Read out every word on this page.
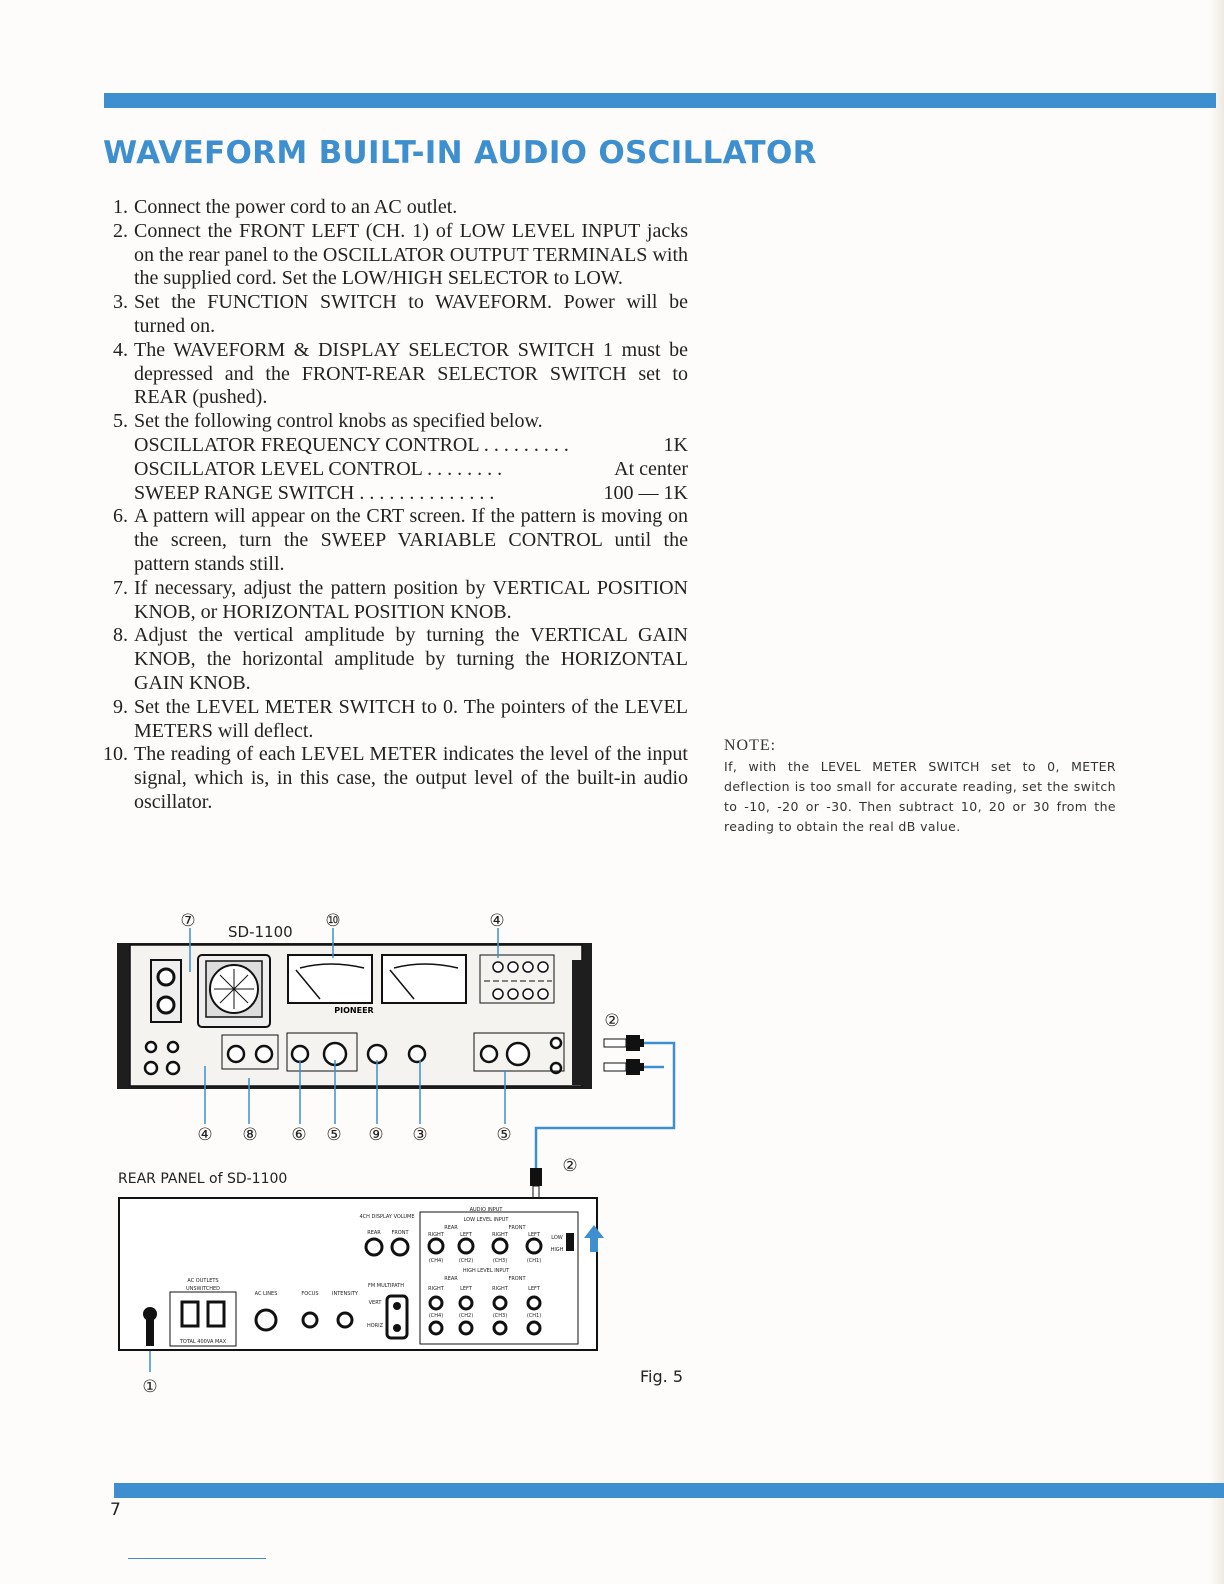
WAVEFORM BUILT-IN AUDIO OSCILLATOR
1. Connect the power cord to an AC outlet.
2. Connect the FRONT LEFT (CH. 1) of LOW LEVEL INPUT jacks on the rear panel to the OSCILLATOR OUTPUT TERMINALS with the supplied cord. Set the LOW/HIGH SELECTOR to LOW.
3. Set the FUNCTION SWITCH to WAVEFORM. Power will be turned on.
4. The WAVEFORM & DISPLAY SELECTOR SWITCH 1 must be depressed and the FRONT-REAR SELECTOR SWITCH set to REAR (pushed).
5. Set the following control knobs as specified below.
OSCILLATOR FREQUENCY CONTROL . . . . . . . . .	1K
OSCILLATOR LEVEL CONTROL . . . . . . . .	At center
SWEEP RANGE SWITCH . . . . . . . . . . . . . .	100 — 1K
6. A pattern will appear on the CRT screen. If the pattern is moving on the screen, turn the SWEEP VARIABLE CONTROL until the pattern stands still.
7. If necessary, adjust the pattern position by VERTICAL POSITION KNOB, or HORIZONTAL POSITION KNOB.
8. Adjust the vertical amplitude by turning the VERTICAL GAIN KNOB, the horizontal amplitude by turning the HORIZONTAL GAIN KNOB.
9. Set the LEVEL METER SWITCH to 0. The pointers of the LEVEL METERS will deflect.
10. The reading of each LEVEL METER indicates the level of the input signal, which is, in this case, the output level of the built-in audio oscillator.
NOTE:
If, with the LEVEL METER SWITCH set to 0, METER deflection is too small for accurate reading, set the switch to -10, -20 or -30. Then subtract 10, 20 or 30 from the reading to obtain the real dB value.
PIONEER
⑦	⑩	④
②
④ ⑧ ⑥ ⑤ ⑨ ③	⑤
②
①
SD-1100
REAR PANEL of SD-1100
AC OUTLETS
UNSWITCHED
TOTAL 400VA MAX
AC LINES	FOCUS	INTENSITY
FM MULTIPATH
VERT
HORIZ
4CH DISPLAY VOLUME
REAR FRONT
AUDIO INPUT
LOW LEVEL INPUT
REAR	FRONT
RIGHT	LEFT	RIGHT	LEFT
(CH4)	(CH2)	(CH3)	(CH1)
HIGH LEVEL INPUT
REAR	FRONT
RIGHT	LEFT	RIGHT	LEFT
(CH4)	(CH2)	(CH3)	(CH1)
LOW
HIGH
Fig. 5
7
